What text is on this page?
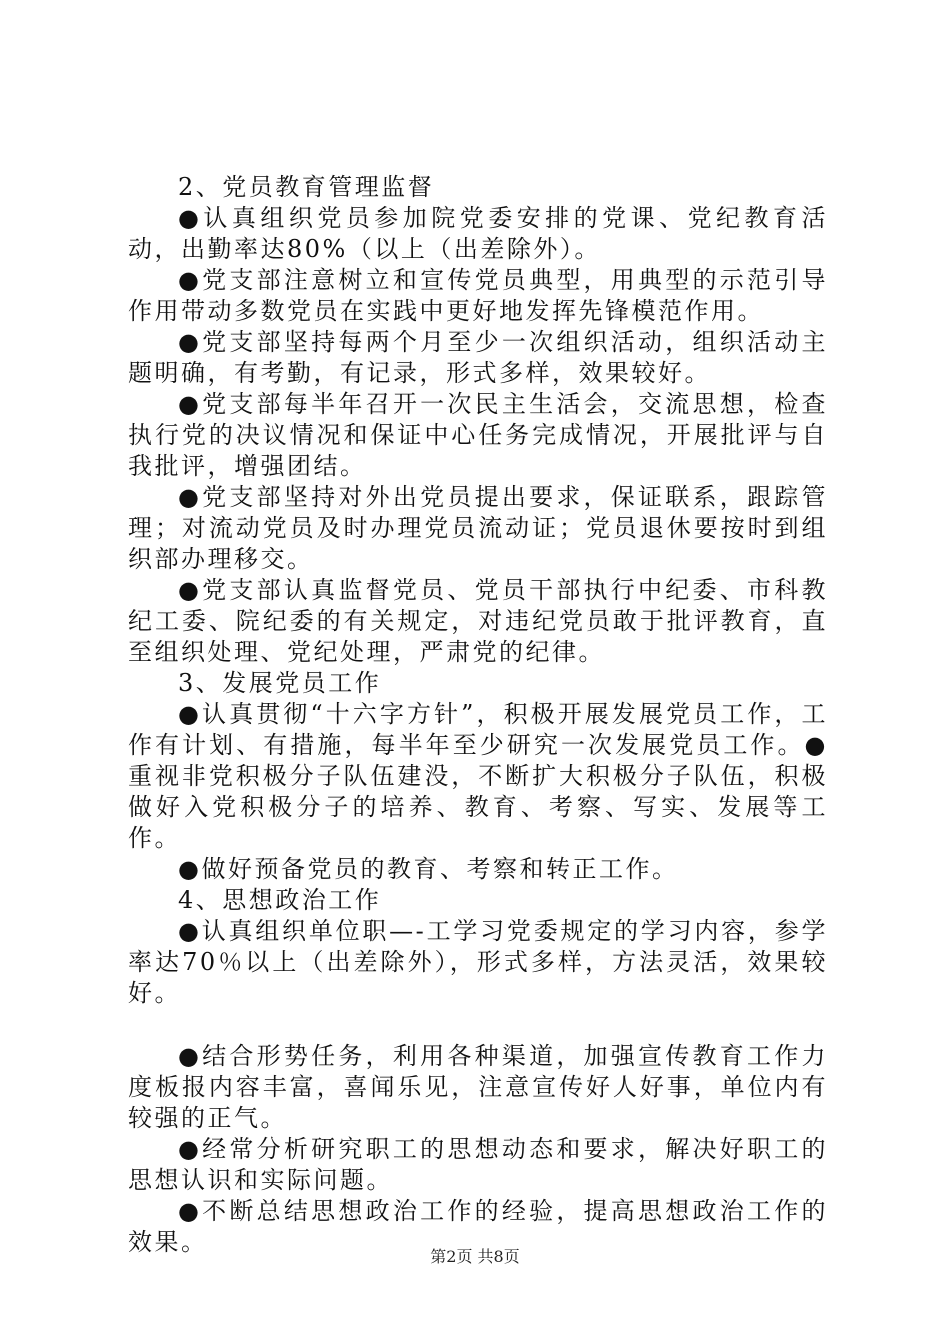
2、党员教育管理监督

●认真组织党员参加院党委安排的党课、党纪教育活动，出勤率达80%（以上（出差除外）。

●党支部注意树立和宣传党员典型，用典型的示范引导作用带动多数党员在实践中更好地发挥先锋模范作用。

●党支部坚持每两个月至少一次组织活动，组织活动主题明确，有考勤，有记录，形式多样，效果较好。

●党支部每半年召开一次民主生活会，交流思想，检查执行党的决议情况和保证中心任务完成情况，开展批评与自我批评，增强团结。

●党支部坚持对外出党员提出要求，保证联系，跟踪管理；对流动党员及时办理党员流动证；党员退休要按时到组织部办理移交。

●党支部认真监督党员、党员干部执行中纪委、市科教纪工委、院纪委的有关规定，对违纪党员敢于批评教育，直至组织处理、党纪处理，严肃党的纪律。

3、发展党员工作

●认真贯彻“十六字方针”，积极开展发展党员工作，工作有计划、有措施，每半年至少研究一次发展党员工作。●重视非党积极分子队伍建没，不断扩大积极分子队伍，积极做好入党积极分子的培养、教育、考察、写实、发展等工作。

●做好预备党员的教育、考察和转正工作。

4、思想政治工作

●认真组织单位职—-工学习党委规定的学习内容，参学率达70％以上（出差除外），形式多样，方法灵活，效果较好。

●结合形势任务，利用各种渠道，加强宣传教育工作力度板报内容丰富，喜闻乐见，注意宣传好人好事，单位内有较强的正气。

●经常分析研究职工的思想动态和要求，解决好职工的思想认识和实际问题。

●不断总结思想政治工作的经验，提高思想政治工作的效果。

第2页 共8页
